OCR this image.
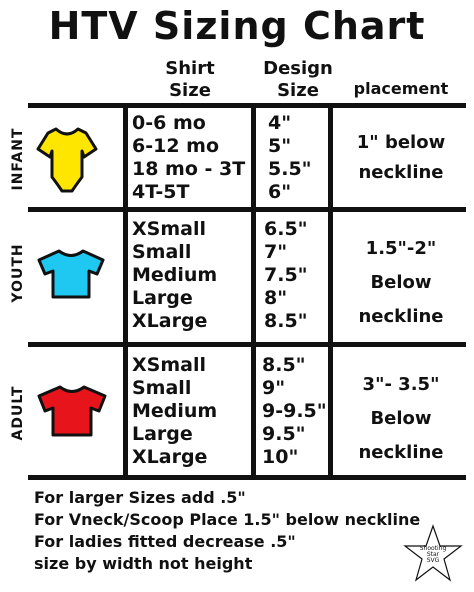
HTV Sizing Chart
Shirt
Size
Design
Size	placement
INFANT
0-6 mo
6-12 mo
18 mo - 3T
4T-5T
4"
5"
5.5"
6"
1" below
neckline
YOUTH
XSmall
Small
Medium
Large
XLarge
6.5"
7"
7.5"
8"
8.5"
1.5"-2"
Below
neckline
ADULT
XSmall
Small
Medium
Large
XLarge
8.5"
9"
9-9.5"
9.5"
10"
3"- 3.5"
Below
neckline
For larger Sizes add .5"
For Vneck/Scoop Place 1.5" below neckline
For ladies fitted decrease .5"
size by width not height
Shooting
Star
SVG
